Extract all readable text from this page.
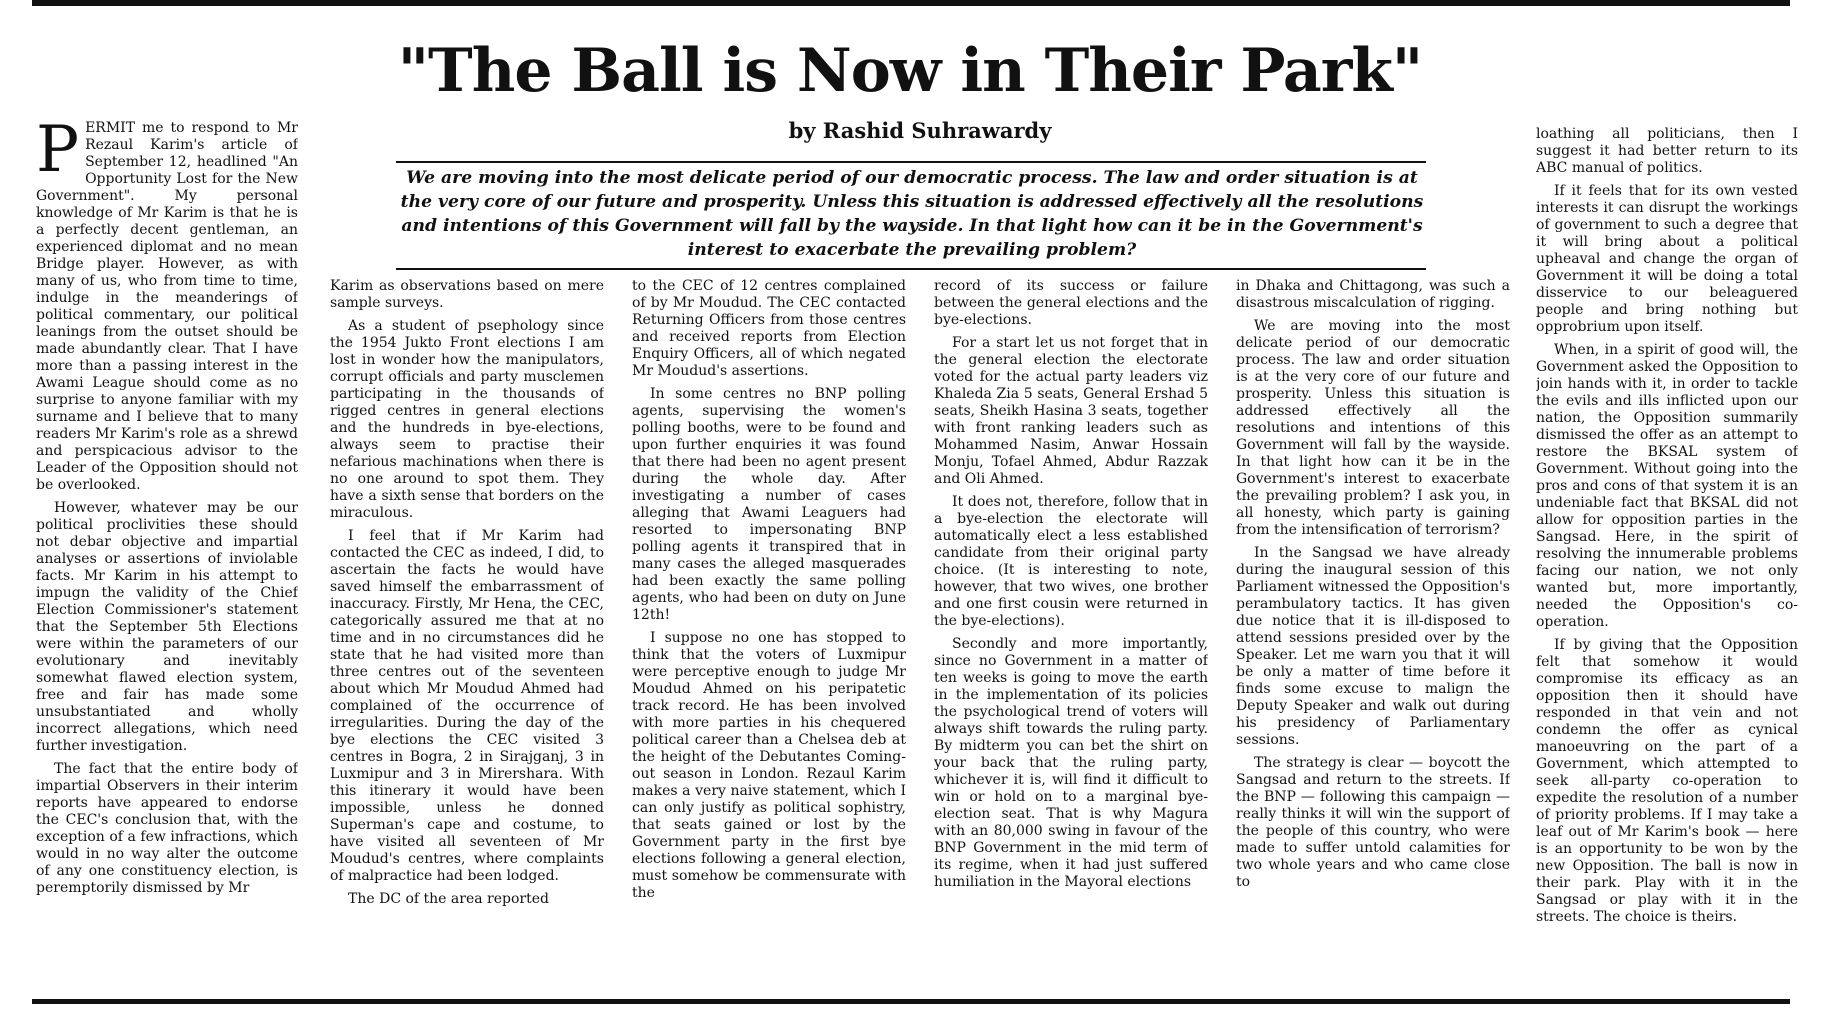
"The Ball is Now in Their Park"
by Rashid Suhrawardy
We are moving into the most delicate period of our democratic process. The law and order situation is at the very core of our future and prosperity. Unless this situation is addressed effectively all the resolutions and intentions of this Government will fall by the wayside. In that light how can it be in the Government's interest to exacerbate the prevailing problem?
P ERMIT me to respond to Mr Rezaul Karim's article of September 12, headlined "An Opportunity Lost for the New Government". My personal knowledge of Mr Karim is that he is a perfectly decent gentleman, an experienced diplomat and no mean Bridge player. However, as with many of us, who from time to time, indulge in the meanderings of political commentary, our political leanings from the outset should be made abundantly clear. That I have more than a passing interest in the Awami League should come as no surprise to anyone familiar with my surname and I believe that to many readers Mr Karim's role as a shrewd and perspicacious advisor to the Leader of the Opposition should not be overlooked.

However, whatever may be our political proclivities these should not debar objective and impartial analyses or assertions of inviolable facts. Mr Karim in his attempt to impugn the validity of the Chief Election Commissioner's statement that the September 5th Elections were within the parameters of our evolutionary and inevitably somewhat flawed election system, free and fair has made some unsubstantiated and wholly incorrect allegations, which need further investigation.

The fact that the entire body of impartial Observers in their interim reports have appeared to endorse the CEC's conclusion that, with the exception of a few infractions, which would in no way alter the outcome of any one constituency election, is peremptorily dismissed by Mr

Karim as observations based on mere sample surveys.

As a student of psephology since the 1954 Jukto Front elections I am lost in wonder how the manipulators, corrupt officials and party musclemen participating in the thousands of rigged centres in general elections and the hundreds in bye-elections, always seem to practise their nefarious machinations when there is no one around to spot them. They have a sixth sense that borders on the miraculous.

I feel that if Mr Karim had contacted the CEC as indeed, I did, to ascertain the facts he would have saved himself the embarrassment of inaccuracy. Firstly, Mr Hena, the CEC, categorically assured me that at no time and in no circumstances did he state that he had visited more than three centres out of the seventeen about which Mr Moudud Ahmed had complained of the occurrence of irregularities. During the day of the bye elections the CEC visited 3 centres in Bogra, 2 in Sirajganj, 3 in Luxmipur and 3 in Mirershara. With this itinerary it would have been impossible, unless he donned Superman's cape and costume, to have visited all seventeen of Mr Moudud's centres, where complaints of malpractice had been lodged.

The DC of the area reported

to the CEC of 12 centres complained of by Mr Moudud. The CEC contacted Returning Officers from those centres and received reports from Election Enquiry Officers, all of which negated Mr Moudud's assertions.

In some centres no BNP polling agents, supervising the women's polling booths, were to be found and upon further enquiries it was found that there had been no agent present during the whole day. After investigating a number of cases alleging that Awami Leaguers had resorted to impersonating BNP polling agents it transpired that in many cases the alleged masquerades had been exactly the same polling agents, who had been on duty on June 12th!

I suppose no one has stopped to think that the voters of Luxmipur were perceptive enough to judge Mr Moudud Ahmed on his peripatetic track record. He has been involved with more parties in his chequered political career than a Chelsea deb at the height of the Debutantes Coming-out season in London. Rezaul Karim makes a very naive statement, which I can only justify as political sophistry, that seats gained or lost by the Government party in the first bye elections following a general election, must somehow be commensurate with the

record of its success or failure between the general elections and the bye-elections.

For a start let us not forget that in the general election the electorate voted for the actual party leaders viz Khaleda Zia 5 seats, General Ershad 5 seats, Sheikh Hasina 3 seats, together with front ranking leaders such as Mohammed Nasim, Anwar Hossain Monju, Tofael Ahmed, Abdur Razzak and Oli Ahmed.

It does not, therefore, follow that in a bye-election the electorate will automatically elect a less established candidate from their original party choice. (It is interesting to note, however, that two wives, one brother and one first cousin were returned in the bye-elections).

Secondly and more importantly, since no Government in a matter of ten weeks is going to move the earth in the implementation of its policies the psychological trend of voters will always shift towards the ruling party. By midterm you can bet the shirt on your back that the ruling party, whichever it is, will find it difficult to win or hold on to a marginal bye-election seat. That is why Magura with an 80,000 swing in favour of the BNP Government in the mid term of its regime, when it had just suffered humiliation in the Mayoral elections

in Dhaka and Chittagong, was such a disastrous miscalculation of rigging.

We are moving into the most delicate period of our democratic process. The law and order situation is at the very core of our future and prosperity. Unless this situation is addressed effectively all the resolutions and intentions of this Government will fall by the wayside. In that light how can it be in the Government's interest to exacerbate the prevailing problem? I ask you, in all honesty, which party is gaining from the intensification of terrorism?

In the Sangsad we have already during the inaugural session of this Parliament witnessed the Opposition's perambulatory tactics. It has given due notice that it is ill-disposed to attend sessions presided over by the Speaker. Let me warn you that it will be only a matter of time before it finds some excuse to malign the Deputy Speaker and walk out during his presidency of Parliamentary sessions.

The strategy is clear — boycott the Sangsad and return to the streets. If the BNP — following this campaign — really thinks it will win the support of the people of this country, who were made to suffer untold calamities for two whole years and who came close to

loathing all politicians, then I suggest it had better return to its ABC manual of politics.

If it feels that for its own vested interests it can disrupt the workings of government to such a degree that it will bring about a political upheaval and change the organ of Government it will be doing a total disservice to our beleaguered people and bring nothing but opprobrium upon itself.

When, in a spirit of good will, the Government asked the Opposition to join hands with it, in order to tackle the evils and ills inflicted upon our nation, the Opposition summarily dismissed the offer as an attempt to restore the BKSAL system of Government. Without going into the pros and cons of that system it is an undeniable fact that BKSAL did not allow for opposition parties in the Sangsad. Here, in the spirit of resolving the innumerable problems facing our nation, we not only wanted but, more importantly, needed the Opposition's co-operation.

If by giving that the Opposition felt that somehow it would compromise its efficacy as an opposition then it should have responded in that vein and not condemn the offer as cynical manoeuvring on the part of a Government, which attempted to seek all-party co-operation to expedite the resolution of a number of priority problems. If I may take a leaf out of Mr Karim's book — here is an opportunity to be won by the new Opposition. The ball is now in their park. Play with it in the Sangsad or play with it in the streets. The choice is theirs.
